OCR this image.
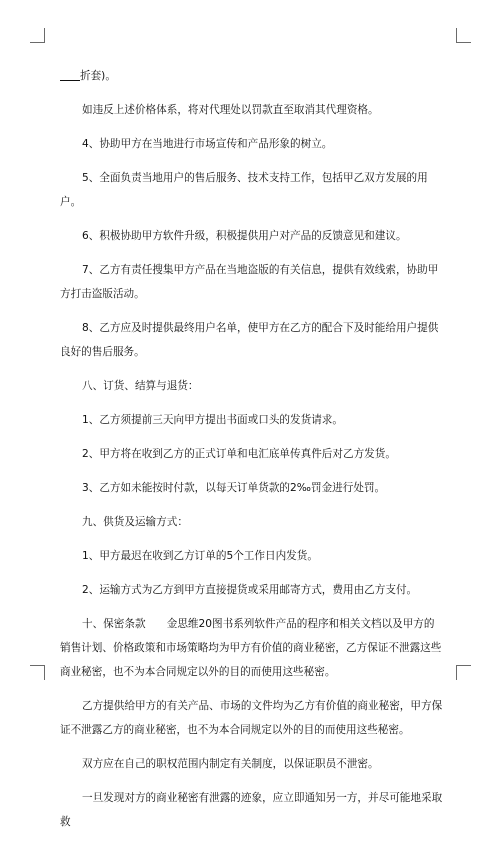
折套)。

如违反上述价格体系，将对代理处以罚款直至取消其代理资格。

4、协助甲方在当地进行市场宣传和产品形象的树立。

5、全面负责当地用户的售后服务、技术支持工作，包括甲乙双方发展的用户。

6、积极协助甲方软件升级，积极提供用户对产品的反馈意见和建议。

7、乙方有责任搜集甲方产品在当地盗版的有关信息，提供有效线索，协助甲方打击盗版活动。

8、乙方应及时提供最终用户名单，使甲方在乙方的配合下及时能给用户提供良好的售后服务。

八、订货、结算与退货：

1、乙方须提前三天向甲方提出书面或口头的发货请求。

2、甲方将在收到乙方的正式订单和电汇底单传真件后对乙方发货。

3、乙方如未能按时付款，以每天订单货款的2‰罚金进行处罚。

九、供货及运输方式：

1、甲方最迟在收到乙方订单的5个工作日内发货。

2、运输方式为乙方到甲方直接提货或采用邮寄方式，费用由乙方支付。

十、保密条款　　金思维20图书系列软件产品的程序和相关文档以及甲方的销售计划、价格政策和市场策略均为甲方有价值的商业秘密，乙方保证不泄露这些商业秘密，也不为本合同规定以外的目的而使用这些秘密。

乙方提供给甲方的有关产品、市场的文件均为乙方有价值的商业秘密，甲方保证不泄露乙方的商业秘密，也不为本合同规定以外的目的而使用这些秘密。

双方应在自己的职权范围内制定有关制度，以保证职员不泄密。

一旦发现对方的商业秘密有泄露的迹象，应立即通知另一方，并尽可能地采取救
